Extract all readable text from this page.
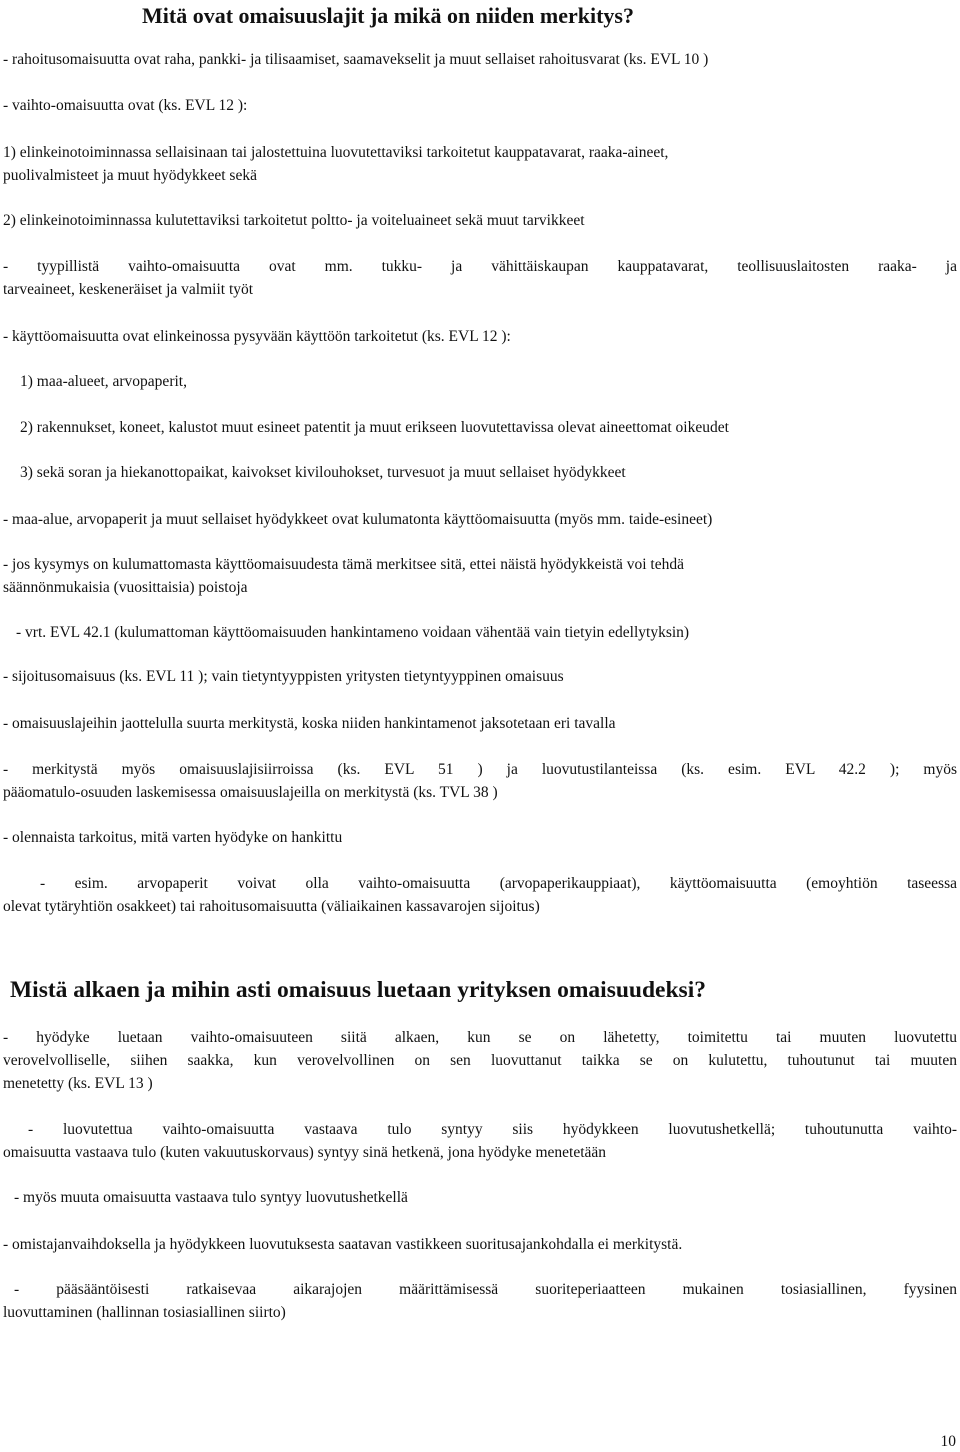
Mitä ovat omaisuuslajit ja mikä on niiden merkitys?

- rahoitusomaisuutta ovat raha, pankki- ja tilisaamiset, saamavekselit ja muut sellaiset rahoitusvarat (ks. EVL 10 )

- vaihto-omaisuutta ovat (ks. EVL 12 ):

1) elinkeinotoiminnassa sellaisinaan tai jalostettuina luovutettaviksi tarkoitetut kauppatavarat, raaka-aineet,

puolivalmisteet ja muut hyödykkeet sekä

2) elinkeinotoiminnassa kulutettaviksi tarkoitetut poltto- ja voiteluaineet sekä muut tarvikkeet

- tyypillistä vaihto-omaisuutta ovat mm. tukku- ja vähittäiskaupan kauppatavarat, teollisuuslaitosten raaka- ja

tarveaineet, keskeneräiset ja valmiit työt

- käyttöomaisuutta ovat elinkeinossa pysyvään käyttöön tarkoitetut (ks. EVL 12 ):

1) maa-alueet, arvopaperit,

2) rakennukset, koneet, kalustot muut esineet patentit ja muut erikseen luovutettavissa olevat aineettomat oikeudet

3) sekä soran ja hiekanottopaikat, kaivokset kivilouhokset, turvesuot ja muut sellaiset hyödykkeet

- maa-alue, arvopaperit ja muut sellaiset hyödykkeet ovat kulumatonta käyttöomaisuutta (myös mm. taide-esineet)

- jos kysymys on kulumattomasta käyttöomaisuudesta tämä merkitsee sitä, ettei näistä hyödykkeistä voi tehdä

säännönmukaisia (vuosittaisia) poistoja

- vrt. EVL 42.1 (kulumattoman käyttöomaisuuden hankintameno voidaan vähentää vain tietyin edellytyksin)

- sijoitusomaisuus (ks. EVL 11 ); vain tietyntyyppisten yritysten tietyntyyppinen omaisuus

- omaisuuslajeihin jaottelulla suurta merkitystä, koska niiden hankintamenot jaksotetaan eri tavalla

- merkitystä myös omaisuuslajisiirroissa (ks. EVL 51 ) ja luovutustilanteissa (ks. esim. EVL 42.2 ); myös

pääomatulo-osuuden laskemisessa omaisuuslajeilla on merkitystä (ks. TVL 38 )

- olennaista tarkoitus, mitä varten hyödyke on hankittu

- esim. arvopaperit voivat olla vaihto-omaisuutta (arvopaperikauppiaat), käyttöomaisuutta (emoyhtiön taseessa

olevat tytäryhtiön osakkeet) tai rahoitusomaisuutta (väliaikainen kassavarojen sijoitus)

Mistä alkaen ja mihin asti omaisuus luetaan yrityksen omaisuudeksi?

- hyödyke luetaan vaihto-omaisuuteen siitä alkaen, kun se on lähetetty, toimitettu tai muuten luovutettu

verovelvolliselle, siihen saakka, kun verovelvollinen on sen luovuttanut taikka se on kulutettu, tuhoutunut tai muuten

menetetty (ks. EVL 13 )

- luovutettua vaihto-omaisuutta vastaava tulo syntyy siis hyödykkeen luovutushetkellä; tuhoutunutta vaihto-

omaisuutta vastaava tulo (kuten vakuutuskorvaus) syntyy sinä hetkenä, jona hyödyke menetetään

- myös muuta omaisuutta vastaava tulo syntyy luovutushetkellä

- omistajanvaihdoksella ja hyödykkeen luovutuksesta saatavan vastikkeen suoritusajankohdalla ei merkitystä.

- pääsääntöisesti ratkaisevaa aikarajojen määrittämisessä suoriteperiaatteen mukainen tosiasiallinen, fyysinen

luovuttaminen (hallinnan tosiasiallinen siirto)

10
